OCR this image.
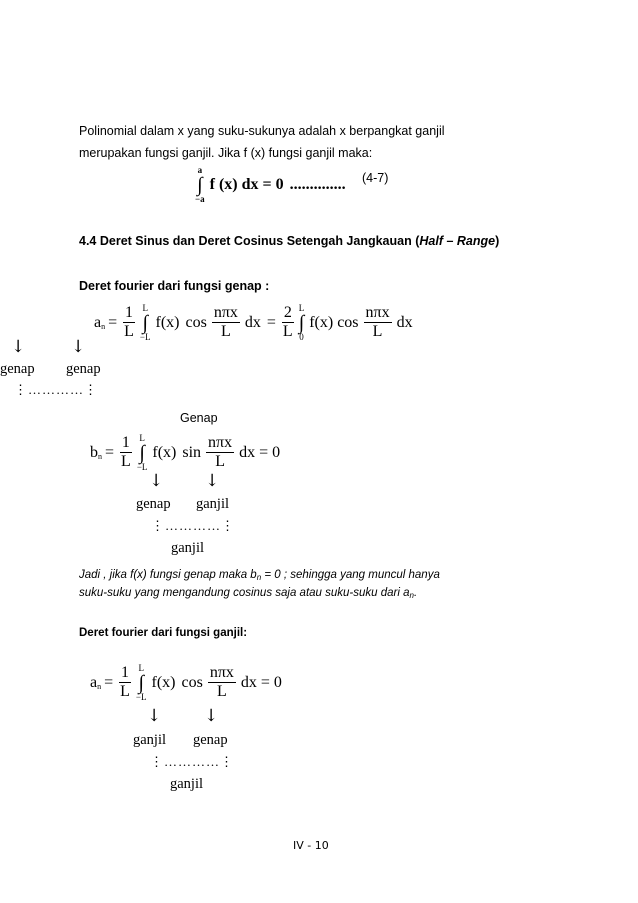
Polinomial dalam x yang suku-sukunya adalah x berpangkat ganjil
merupakan fungsi ganjil. Jika f (x) fungsi ganjil maka:
a
∫
−a
f (x) dx = 0 .............. (4-7)
4.4 Deret Sinus dan Deret Cosinus Setengah Jangkauan (Half – Range)
Deret fourier dari fungsi genap :
an = $\frac{1}{L}$ L
∫
−L
f(x) $\cos \frac{\text{nπx}}{L}$ dx = $\frac{2}{L}$ L
∫
0
f(x) $\cos \frac{\text{nπx}}{L}$ dx
↓	↓
genap genap
⋮…………⋮
Genap
bn = $\frac{1}{L}$ L
∫
−L
f(x) $\sin \frac{\text{nπx}}{L}$ dx = 0
↓ ↓
genap ganjil
⋮…………⋮
ganjil
Jadi , jika f(x) fungsi genap maka bn = 0 ; sehingga yang muncul hanya
suku-suku yang mengandung cosinus saja atau suku-suku dari an.
Deret fourier dari fungsi ganjil:
an = $\frac{1}{L}$ L
∫
−L
f(x) $\cos \frac{\text{nπx}}{L}$ dx = 0
↓	↓
ganjil genap
⋮…………⋮
ganjil
IV - 10
